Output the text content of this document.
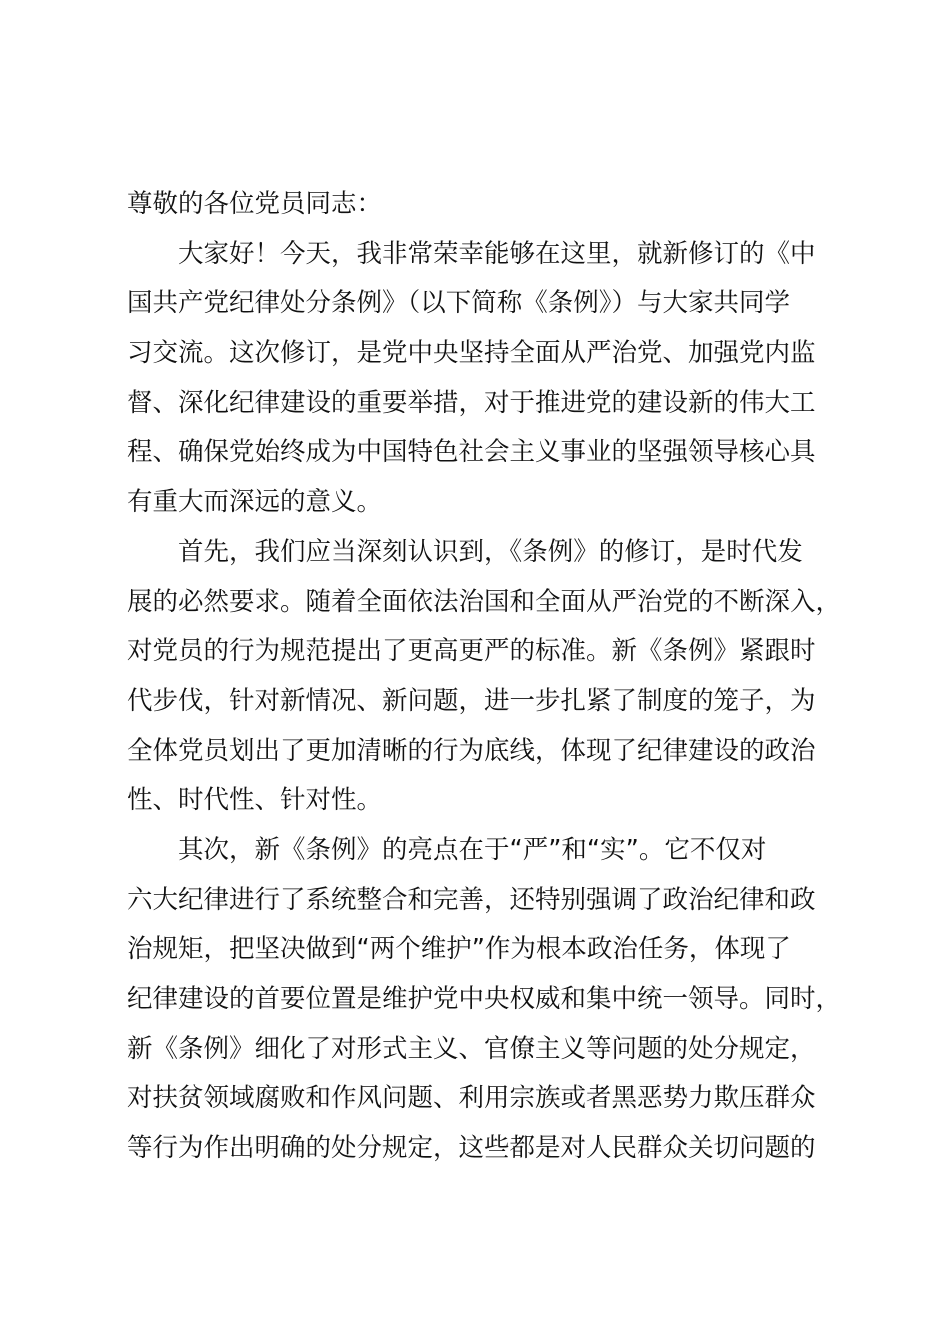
尊敬的各位党员同志：
大家好！今天，我非常荣幸能够在这里，就新修订的《中
国共产党纪律处分条例》（以下简称《条例》）与大家共同学
习交流。这次修订，是党中央坚持全面从严治党、加强党内监
督、深化纪律建设的重要举措，对于推进党的建设新的伟大工
程、确保党始终成为中国特色社会主义事业的坚强领导核心具
有重大而深远的意义。
首先，我们应当深刻认识到，《条例》的修订，是时代发
展的必然要求。随着全面依法治国和全面从严治党的不断深入，
对党员的行为规范提出了更高更严的标准。新《条例》紧跟时
代步伐，针对新情况、新问题，进一步扎紧了制度的笼子，为
全体党员划出了更加清晰的行为底线，体现了纪律建设的政治
性、时代性、针对性。
其次，新《条例》的亮点在于“严”和“实”。它不仅对
六大纪律进行了系统整合和完善，还特别强调了政治纪律和政
治规矩，把坚决做到“两个维护”作为根本政治任务，体现了
纪律建设的首要位置是维护党中央权威和集中统一领导。同时，
新《条例》细化了对形式主义、官僚主义等问题的处分规定，
对扶贫领域腐败和作风问题、利用宗族或者黑恶势力欺压群众
等行为作出明确的处分规定，这些都是对人民群众关切问题的
